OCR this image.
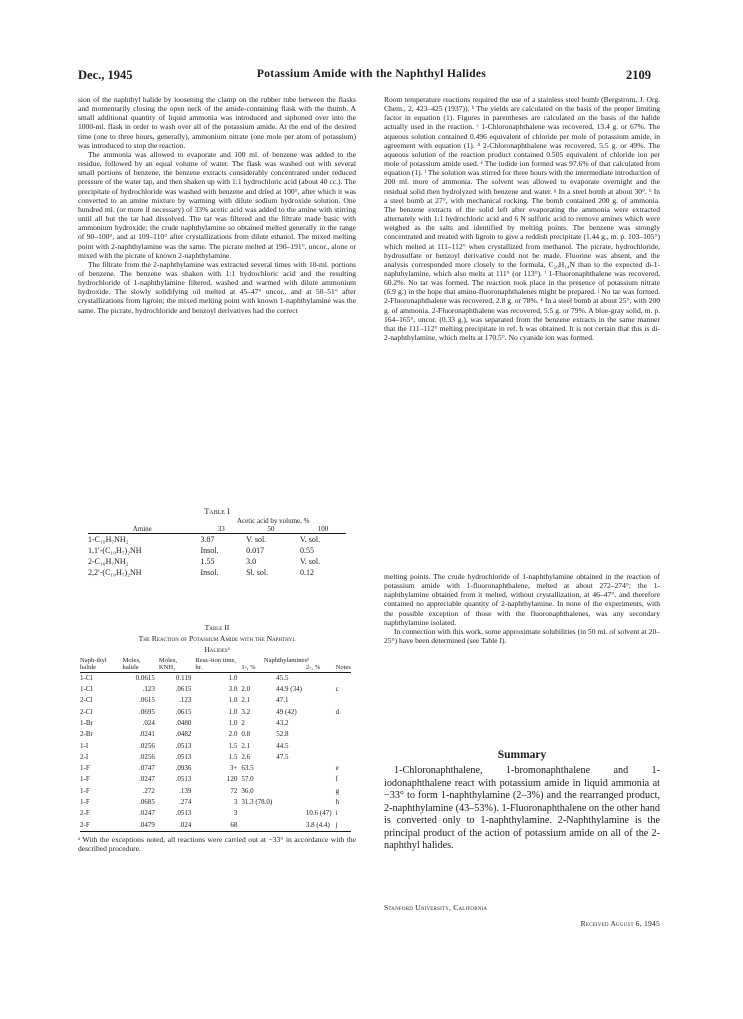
Dec., 1945	Potassium Amide with the Naphthyl Halides	2109

sion of the naphthyl halide by loosening the clamp on the rubber tube between the flasks and momentarily closing the open neck of the amide-containing flask with the thumb. A small additional quantity of liquid ammonia was introduced and siphoned over into the 1000-ml. flask in order to wash over all of the potassium amide. At the end of the desired time (one to three hours, generally), ammonium nitrate (one mole per atom of potassium) was introduced to stop the reaction.

The ammonia was allowed to evaporate and 100 ml. of benzene was added to the residue, followed by an equal volume of water. The flask was washed out with several small portions of benzene, the benzene extracts considerably concentrated under reduced pressure of the water tap, and then shaken up with 1:1 hydrochloric acid (about 40 cc.). The precipitate of hydrochloride was washed with benzene and dried at 100°, after which it was converted to an amine mixture by warming with dilute sodium hydroxide solution. One hundred ml. (or more if necessary) of 33% acetic acid was added to the amine with stirring until all but the tar had dissolved. The tar was filtered and the filtrate made basic with ammonium hydroxide; the crude naphthylamine so obtained melted generally in the range of 90–100°, and at 109–110° after crystallizations from dilute ethanol. The mixed melting point with 2-naphthylamine was the same. The picrate melted at 190–191°, uncor., alone or mixed with the picrate of known 2-naphthylamine.

The filtrate from the 2-naphthylamine was extracted several times with 10-ml. portions of benzene. The benzene was shaken with 1:1 hydrochloric acid and the resulting hydrochloride of 1-naphthylamine filtered, washed and warmed with dilute ammonium hydroxide. The slowly solidifying oil melted at 45–47° uncor., and at 50–51° after crystallizations from ligroin; the mixed melting point with known 1-naphthylamine was the same. The picrate, hydrochloride and benzoyl derivatives had the correct

Table I
	Acetic acid by volume, %		
Amine	33	50	100

1-C₁₀H₇NH₂	3.87	V. sol.	V. sol.
1,1′-(C₁₀H₇)₂NH	Insol.	0.017	0.55
2-C₁₀H₇NH₂	1.55	3.0	V. sol.
2,2′-(C₁₀H₇)₂NH	Insol.	Sl. sol.	0.12
Table II
The Reaction of Potassium Amide with the Naphthyl
Halidesᵃ
Naph-thyl halide	Moles, halide	Moles, KNH₂	Reac-tion time, hr.	Naphthylaminesᵇ			Notes
				1-, %		2-, %	

1-Cl	0.0615	0.119	1.0		45.5		
1-Cl	.123	.0615	3.0	2.0	44.9 (34)		c
2-Cl	.0615	.123	1.0	2.1	47.1		
2-Cl	.0695	.0615	1.0	3.2	49 (42)		d
1-Br	.024	.0480	1.0	2	43.2		
2-Br	.0241	.0482	2.0	0.8	52.8		
1-I	.0256	.0513	1.5	2.1	44.5		
2-I	.0256	.0513	1.5	2.6	47.5		
1-F	.0747	.0936	3+	63.5			e
1-F	.0247	.0513	120	57.0			f
1-F	.272	.139	72	36.0			g
1-F	.0685	.274	3	31.3 (78.0)			h
2-F	.0247	.0513	3			10.6 (47)	i
2-F	.0479	.024	68			3.8 (4.4)	j

ᵃ With the exceptions noted, all reactions were carried out at −33° in accordance with the described procedure.

Room temperature reactions required the use of a stainless steel bomb (Bergstrom, J. Org. Chem., 2, 423–425 (1937)). ᵇ The yields are calculated on the basis of the proper limiting factor in equation (1). Figures in parentheses are calculated on the basis of the halide actually used in the reaction. ᶜ 1-Chloronaphthalene was recovered, 13.4 g. or 67%. The aqueous solution contained 0.496 equivalent of chloride per mole of potassium amide, in agreement with equation (1). ᵈ 2-Chloronaphthalene was recovered, 5.5 g. or 49%. The aqueous solution of the reaction product contained 0.505 equivalent of chloride ion per mole of potassium amide used. ᵉ The iodide ion formed was 97.6% of that calculated from equation (1). ᶠ The solution was stirred for three hours with the intermediate introduction of 200 ml. more of ammonia. The solvent was allowed to evaporate overnight and the residual solid then hydrolyzed with benzene and water. ᵍ In a steel bomb at about 30°. ʰ In a steel bomb at 27°, with mechanical rocking. The bomb contained 200 g. of ammonia. The benzene extracts of the solid left after evaporating the ammonia were extracted alternately with 1:1 hydrochloric acid and 6 N sulfuric acid to remove amines which were weighed as the salts and identified by melting points. The benzene was strongly concentrated and treated with ligroin to give a reddish precipitate (1.44 g., m. p. 103–105°) which melted at 111–112° when crystallized from methanol. The picrate, hydrochloride, hydrosulfate or benzoyl derivative could not be made. Fluorine was absent, and the analysis corresponded more closely to the formula, C₂₀H₁₄N than to the expected di-1-naphthylamine, which also melts at 111° (or 113°). ⁱ 1-Fluoronaphthalene was recovered, 60.2%. No tar was formed. The reaction took place in the presence of potassium nitrate (6.9 g.) in the hope that amino-fluoronaphthalenes might be prepared. ʲ No tar was formed. 2-Fluoronaphthalene was recovered, 2.8 g. or 78%. ᵏ In a steel bomb at about 25°, with 200 g. of ammonia. 2-Fluoronaphthalene was recovered, 5.5 g. or 79%. A blue-gray solid, m. p. 164–165°, uncor. (0.33 g.), was separated from the benzene extracts in the same manner that the 111–112° melting precipitate in ref. h was obtained. It is not certain that this is di-2-naphthylamine, which melts at 170.5°. No cyanide ion was formed.

melting points. The crude hydrochloride of 1-naphthylamine obtained in the reaction of potassium amide with 1-fluoronaphthalene, melted at about 272–274°; the 1-naphthylamine obtained from it melted, without crystallization, at 46–47°, and therefore contained no appreciable quantity of 2-naphthylamine. In none of the experiments, with the possible exception of those with the fluoronaphthalenes, was any secondary naphthylamine isolated.

In connection with this work, some approximate solubilities (in 50 ml. of solvent at 20–25°) have been determined (see Table I).

Summary
1-Chloronaphthalene, 1-bromonaphthalene and 1-iodonaphthalene react with potassium amide in liquid ammonia at −33° to form 1-naphthylamine (2–3%) and the rearranged product, 2-naphthylamine (43–53%). 1-Fluoronaphthalene on the other hand is converted only to 1-naphthylamine. 2-Naphthylamine is the principal product of the action of potassium amide on all of the 2-naphthyl halides.
Stanford University, California
Received August 6, 1945
